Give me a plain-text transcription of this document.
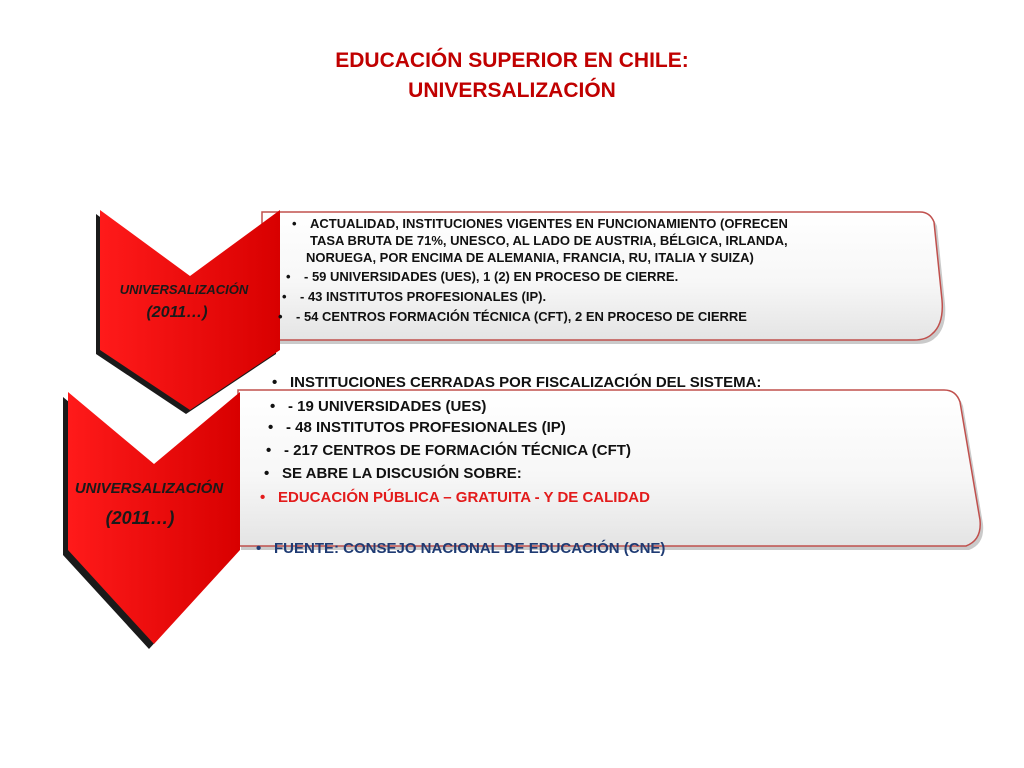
EDUCACIÓN SUPERIOR EN CHILE:
UNIVERSALIZACIÓN
UNIVERSALIZACIÓN
(2011…)
UNIVERSALIZACIÓN
(2011…)
• ACTUALIDAD, INSTITUCIONES VIGENTES EN FUNCIONAMIENTO (OFRECEN
TASA BRUTA DE 71%, UNESCO, AL LADO DE AUSTRIA, BÉLGICA, IRLANDA,
NORUEGA, POR ENCIMA DE ALEMANIA, FRANCIA, RU, ITALIA Y SUIZA)
• - 59 UNIVERSIDADES (UES), 1 (2) EN PROCESO DE CIERRE.
• - 43 INSTITUTOS PROFESIONALES (IP).
• - 54 CENTROS FORMACIÓN TÉCNICA (CFT), 2 EN PROCESO DE CIERRE
• INSTITUCIONES CERRADAS POR FISCALIZACIÓN DEL SISTEMA:
• - 19 UNIVERSIDADES (UES)
• - 48 INSTITUTOS PROFESIONALES (IP)
• - 217 CENTROS DE FORMACIÓN TÉCNICA (CFT)
• SE ABRE LA DISCUSIÓN SOBRE:
• EDUCACIÓN PÚBLICA – GRATUITA - Y DE CALIDAD
• FUENTE: CONSEJO NACIONAL DE EDUCACIÓN (CNE)
